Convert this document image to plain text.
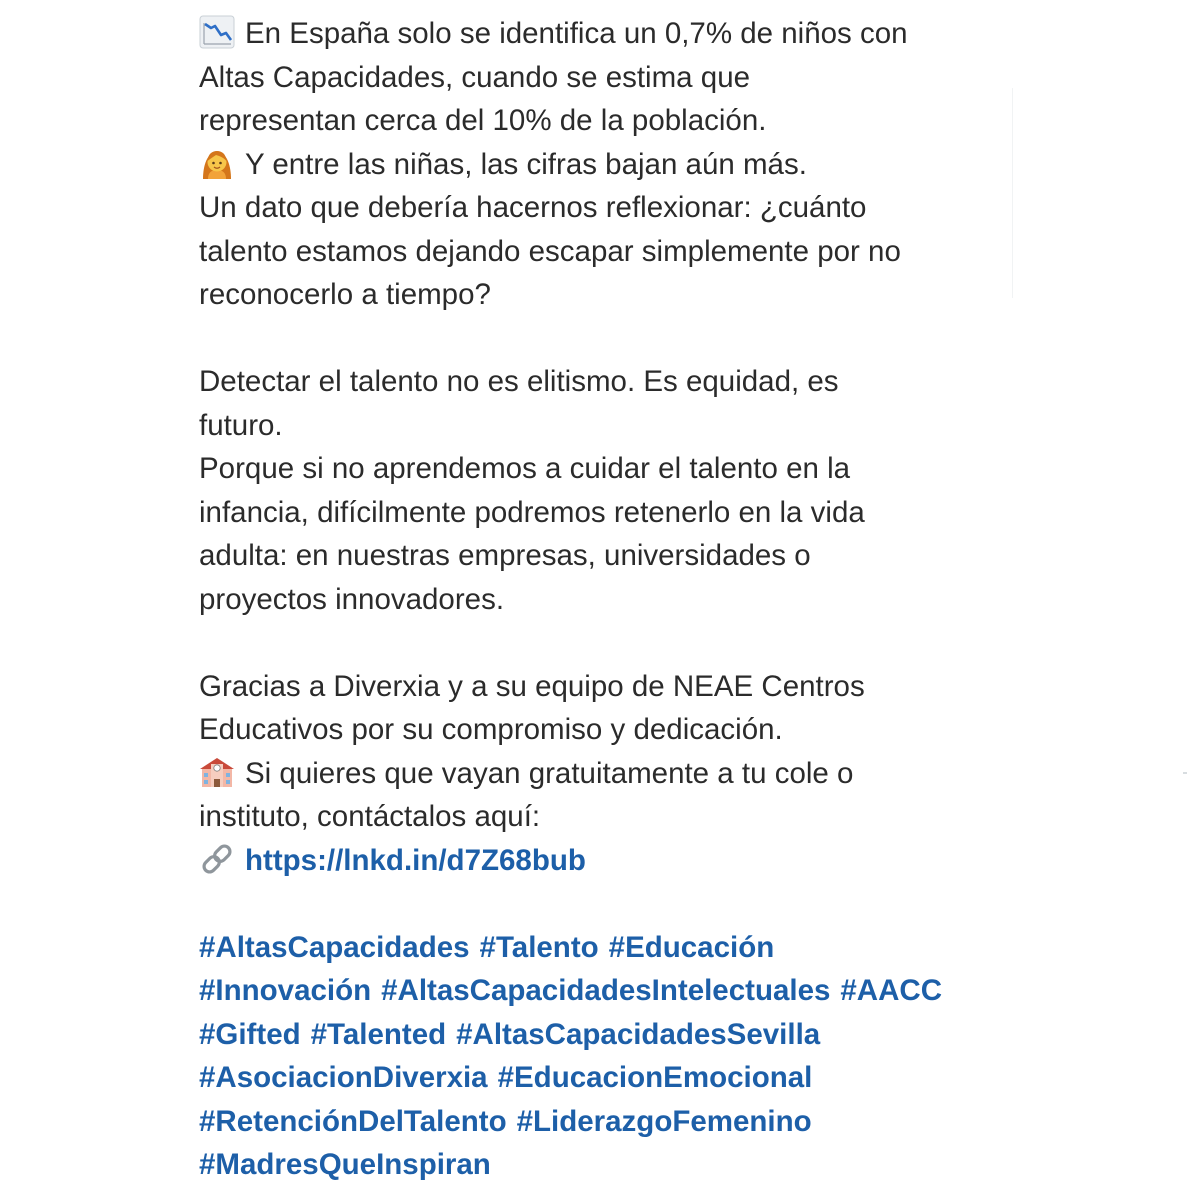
En España solo se identifica un 0,7% de niños con
Altas Capacidades, cuando se estima que
representan cerca del 10% de la población.
Y entre las niñas, las cifras bajan aún más.
Un dato que debería hacernos reflexionar: ¿cuánto
talento estamos dejando escapar simplemente por no
reconocerlo a tiempo?
Detectar el talento no es elitismo. Es equidad, es
futuro.
Porque si no aprendemos a cuidar el talento en la
infancia, difícilmente podremos retenerlo en la vida
adulta: en nuestras empresas, universidades o
proyectos innovadores.
Gracias a Diverxia y a su equipo de NEAE Centros
Educativos por su compromiso y dedicación.
Si quieres que vayan gratuitamente a tu cole o
instituto, contáctalos aquí:
https://lnkd.in/d7Z68bub
#AltasCapacidades #Talento #Educación
#Innovación #AltasCapacidadesIntelectuales #AACC
#Gifted #Talented #AltasCapacidadesSevilla
#AsociacionDiverxia #EducacionEmocional
#RetenciónDelTalento #LiderazgoFemenino
#MadresQueInspiran
